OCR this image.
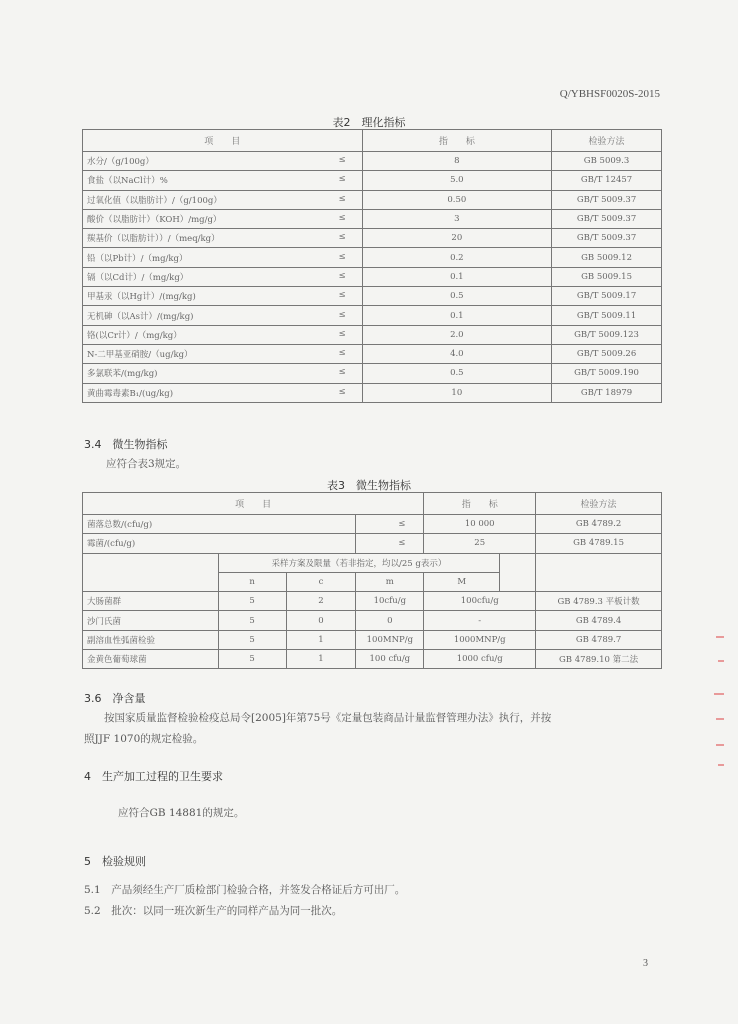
Q/YBHSF0020S-2015
表2　理化指标
项　　目	指　　标	检验方法
水分/（g/100g） ≤	8	GB 5009.3
食盐（以NaCl计）% ≤	5.0	GB/T 12457
过氧化值（以脂肪计）/（g/100g） ≤	0.50	GB/T 5009.37
酸价（以脂肪计）（KOH）/mg/g） ≤	3	GB/T 5009.37
羰基价（以脂肪计））/（meq/kg） ≤	20	GB/T 5009.37
铅（以Pb计）/（mg/kg） ≤	0.2	GB 5009.12
镉（以Cd计）/（mg/kg） ≤	0.1	GB 5009.15
甲基汞（以Hg计）/(mg/kg) ≤	0.5	GB/T 5009.17
无机砷（以As计）/(mg/kg) ≤	0.1	GB/T 5009.11
铬(以Cr计）/（mg/kg） ≤	2.0	GB/T 5009.123
N-二甲基亚硝胺/（ug/kg） ≤	4.0	GB/T 5009.26
多氯联苯/(mg/kg) ≤	0.5	GB/T 5009.190
黄曲霉毒素B₁/(ug/kg) ≤	10	GB/T 18979
3.4　微生物指标
应符合表3规定。
表3　微生物指标
项　　目				指　　标		检验方法
菌落总数/(cfu/g)			≤	10 000		GB 4789.2
霉菌/(cfu/g)			≤	25		GB 4789.15
	采样方案及限量（若非指定，均以/25 g表示）					
	n	c	m	M		
大肠菌群	5	2	10cfu/g	100cfu/g		GB 4789.3 平板计数
沙门氏菌	5	0	0	-		GB 4789.4
副溶血性弧菌检验	5	1	100MNP/g	1000MNP/g		GB 4789.7
金黄色葡萄球菌	5	1	100 cfu/g	1000 cfu/g		GB 4789.10 第二法
3.6　净含量
按国家质量监督检验检疫总局令[2005]年第75号《定量包装商品计量监督管理办法》执行，并按
照JJF 1070的规定检验。
4　生产加工过程的卫生要求
应符合GB 14881的规定。
5　检验规则
5.1　产品须经生产厂质检部门检验合格，并签发合格证后方可出厂。
5.2　批次：以同一班次新生产的同样产品为同一批次。
3
